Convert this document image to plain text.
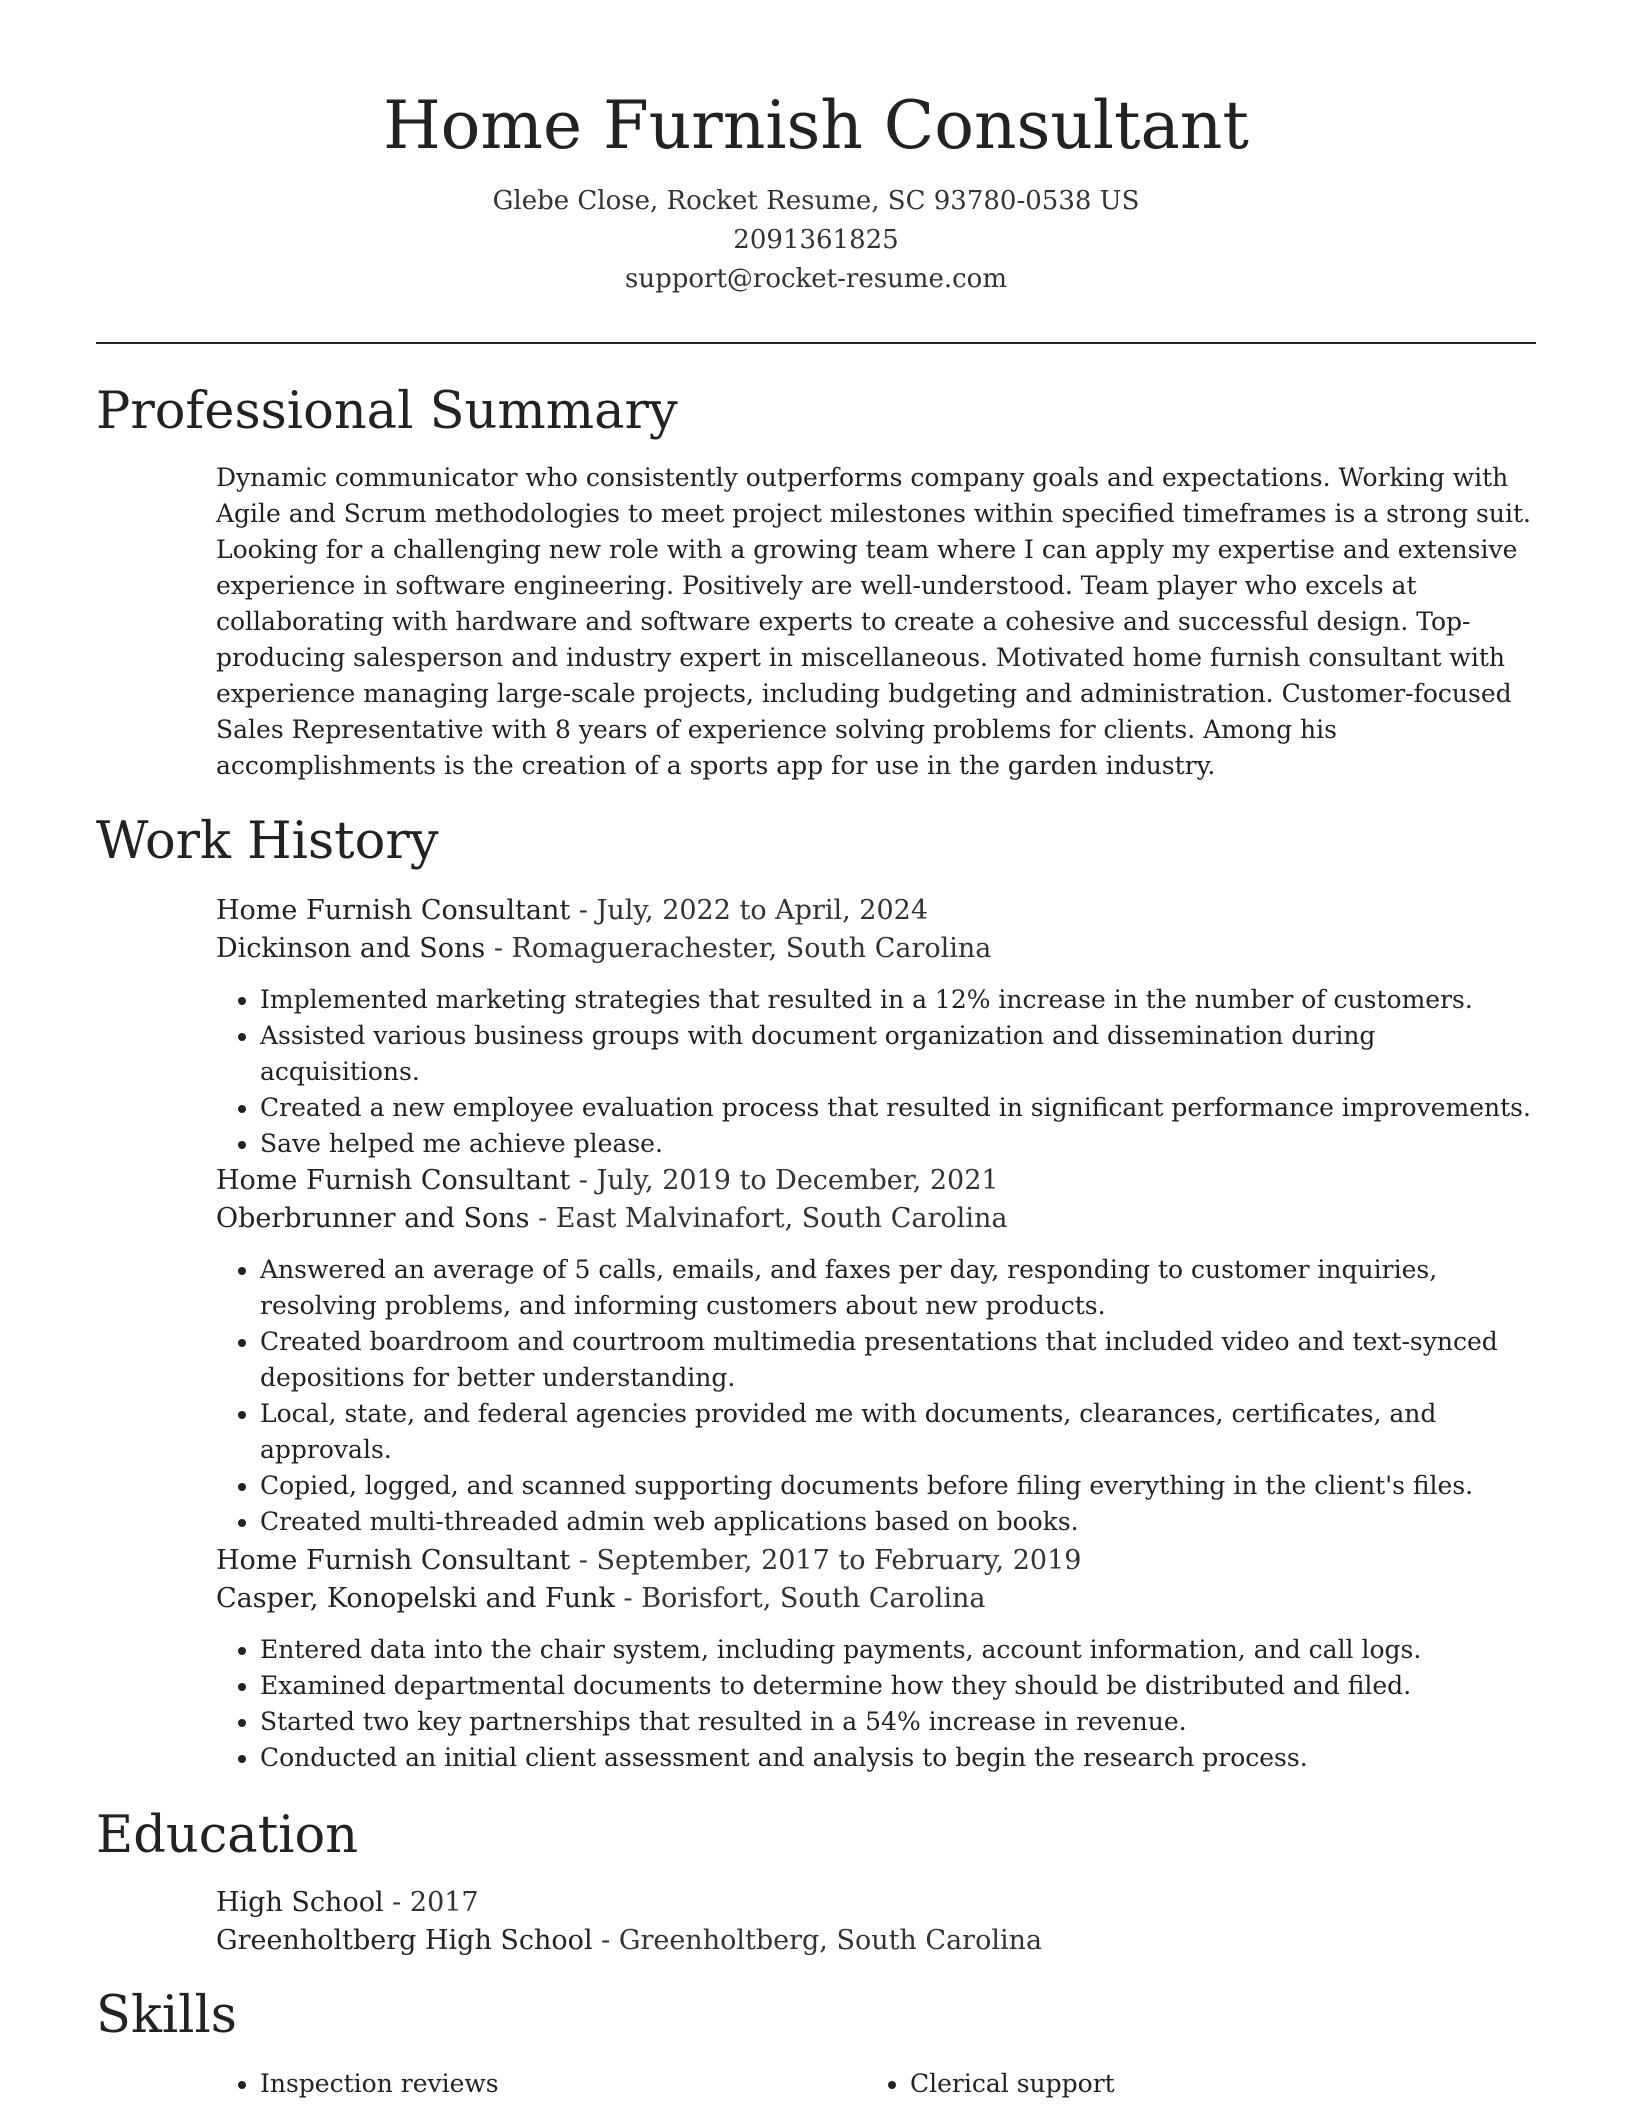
Home Furnish Consultant
Glebe Close, Rocket Resume, SC 93780-0538 US
2091361825
support@rocket-resume.com
Professional Summary

Dynamic communicator who consistently outperforms company goals and expectations. Working with Agile and Scrum methodologies to meet project milestones within specified timeframes is a strong suit. Looking for a challenging new role with a growing team where I can apply my expertise and extensive experience in software engineering. Positively are well-understood. Team player who excels at collaborating with hardware and software experts to create a cohesive and successful design. Top-producing salesperson and industry expert in miscellaneous. Motivated home furnish consultant with experience managing large-scale projects, including budgeting and administration. Customer-focused Sales Representative with 8 years of experience solving problems for clients. Among his accomplishments is the creation of a sports app for use in the garden industry.

Work History

Home Furnish Consultant - July, 2022 to April, 2024

Dickinson and Sons - Romaguerachester, South Carolina

• Implemented marketing strategies that resulted in a 12% increase in the number of customers.
• Assisted various business groups with document organization and dissemination during acquisitions.
• Created a new employee evaluation process that resulted in significant performance improvements.
• Save helped me achieve please.

Home Furnish Consultant - July, 2019 to December, 2021

Oberbrunner and Sons - East Malvinafort, South Carolina

• Answered an average of 5 calls, emails, and faxes per day, responding to customer inquiries, resolving problems, and informing customers about new products.
• Created boardroom and courtroom multimedia presentations that included video and text-synced depositions for better understanding.
• Local, state, and federal agencies provided me with documents, clearances, certificates, and approvals.
• Copied, logged, and scanned supporting documents before filing everything in the client's files.
• Created multi-threaded admin web applications based on books.

Home Furnish Consultant - September, 2017 to February, 2019

Casper, Konopelski and Funk - Borisfort, South Carolina

• Entered data into the chair system, including payments, account information, and call logs.
• Examined departmental documents to determine how they should be distributed and filed.
• Started two key partnerships that resulted in a 54% increase in revenue.
• Conducted an initial client assessment and analysis to begin the research process.
Education

High School - 2017

Greenholtberg High School - Greenholtberg, South Carolina

Skills
• Inspection reviews
•	Clerical support
